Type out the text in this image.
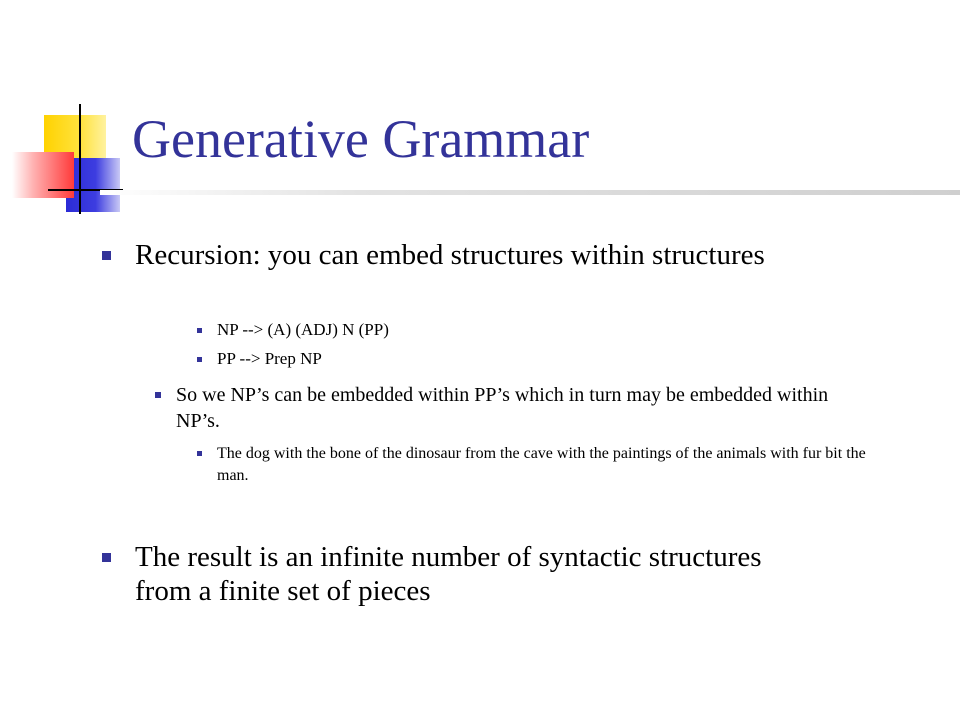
Generative Grammar
Recursion: you can embed structures within structures
NP --> (A) (ADJ) N (PP)
PP --> Prep NP
So we NP’s can be embedded within PP’s which in turn may be embedded within NP’s.
The dog with the bone of the dinosaur from the cave with the paintings of the animals with fur bit the man.
The result is an infinite number of syntactic structures from a finite set of pieces
